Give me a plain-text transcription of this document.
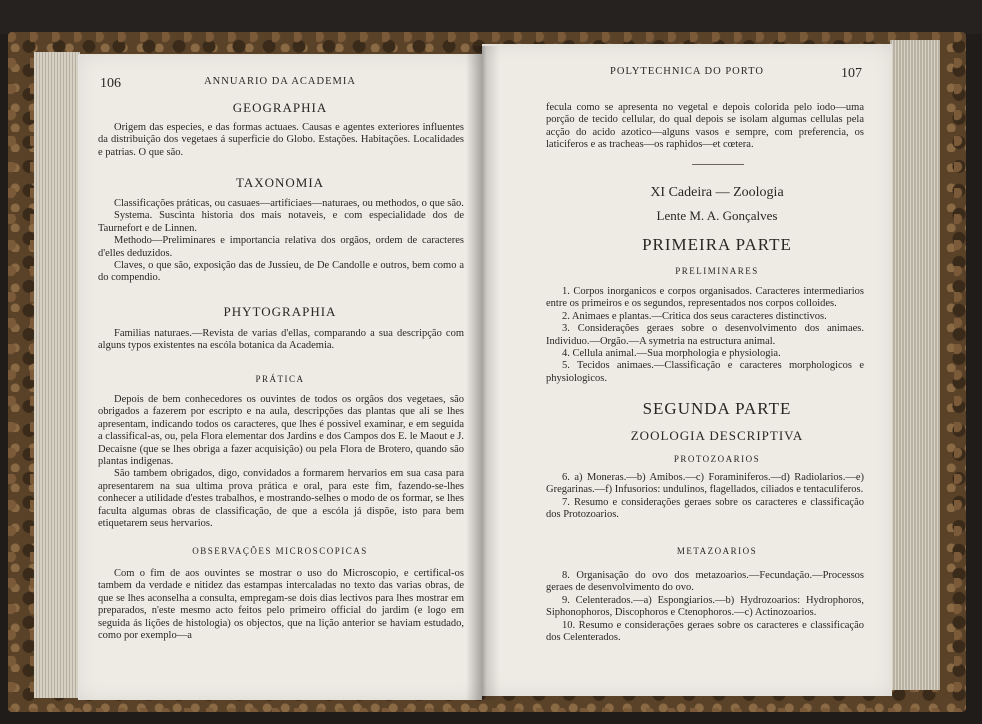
106	ANNUARIO DA ACADEMIA
GEOGRAPHIA

Origem das especies, e das formas actuaes. Causas e agentes exteriores influentes da distribuição dos vegetaes á superficie do Globo. Estações. Habitações. Localidades e patrias. O que são.

TAXONOMIA

Classificações práticas, ou casuaes—artificiaes—naturaes, ou methodos, o que são.

Systema. Suscinta historia dos mais notaveis, e com especialidade dos de Taurnefort e de Linnen.

Methodo—Preliminares e importancia relativa dos orgãos, ordem de caracteres d'elles deduzidos.

Claves, o que são, exposição das de Jussieu, de De Candolle e outros, bem como a do compendio.

PHYTOGRAPHIA

Familias naturaes.—Revista de varias d'ellas, comparando a sua descripção com alguns typos existentes na escóla botanica da Academia.

PRÁTICA

Depois de bem conhecedores os ouvintes de todos os orgãos dos vegetaes, são obrigados a fazerem por escripto e na aula, descripções das plantas que ali se lhes apresentam, indicando todos os caracteres, que lhes é possivel examinar, e em seguida a classifical-as, ou, pela Flora elementar dos Jardins e dos Campos dos E. le Maout e J. Decaisne (que se lhes obriga a fazer acquisição) ou pela Flora de Brotero, quando são plantas indigenas.

São tambem obrigados, digo, convidados a formarem hervarios em sua casa para apresentarem na sua ultima prova prática e oral, para este fim, fazendo-se-lhes conhecer a utilidade d'estes trabalhos, e mostrando-selhes o modo de os formar, se lhes faculta algumas obras de classificação, de que a escóla já dispõe, isto para bem etiquetarem seus hervarios.

OBSERVAÇÕES MICROSCOPICAS

Com o fim de aos ouvintes se mostrar o uso do Microscopio, e certifical-os tambem da verdade e nitidez das estampas intercaladas no texto das varias obras, de que se lhes aconselha a consulta, empregam-se dois dias lectivos para lhes mostrar em preparados, n'este mesmo acto feitos pelo primeiro official do jardim (e logo em seguida ás lições de histologia) os objectos, que na lição anterior se haviam estudado, como por exemplo—a

POLYTECHNICA DO PORTO	107

fecula como se apresenta no vegetal e depois colorida pelo iodo—uma porção de tecido cellular, do qual depois se isolam algumas cellulas pela acção do acido azotico—alguns vasos e sempre, com preferencia, os laticiferos e as tracheas—os raphidos—et cœtera.

XI Cadeira — Zoologia
Lente M. A. Gonçalves
PRIMEIRA PARTE
PRELIMINARES

1. Corpos inorganicos e corpos organisados. Caracteres intermediarios entre os primeiros e os segundos, representados nos corpos colloides.

2. Animaes e plantas.—Critica dos seus caracteres distinctivos.

3. Considerações geraes sobre o desenvolvimento dos animaes. Individuo.—Orgão.—A symetria na estructura animal.

4. Cellula animal.—Sua morphologia e physiologia.

5. Tecidos animaes.—Classificação e caracteres morphologicos e physiologicos.

SEGUNDA PARTE
ZOOLOGIA DESCRIPTIVA
PROTOZOARIOS

6. a) Moneras.—b) Amibos.—c) Foraminiferos.—d) Radiolarios.—e) Gregarinas.—f) Infusorios: undulinos, flagellados, ciliados e tentaculiferos.

7. Resumo e considerações geraes sobre os caracteres e classificação dos Protozoarios.

METAZOARIOS

8. Organisação do ovo dos metazoarios.—Fecundação.—Processos geraes de desenvolvimento do ovo.

9. Celenterados.—a) Espongiarios.—b) Hydrozoarios: Hydrophoros, Siphonophoros, Discophoros e Ctenophoros.—c) Actinozoarios.

10. Resumo e considerações geraes sobre os caracteres e classificação dos Celenterados.
